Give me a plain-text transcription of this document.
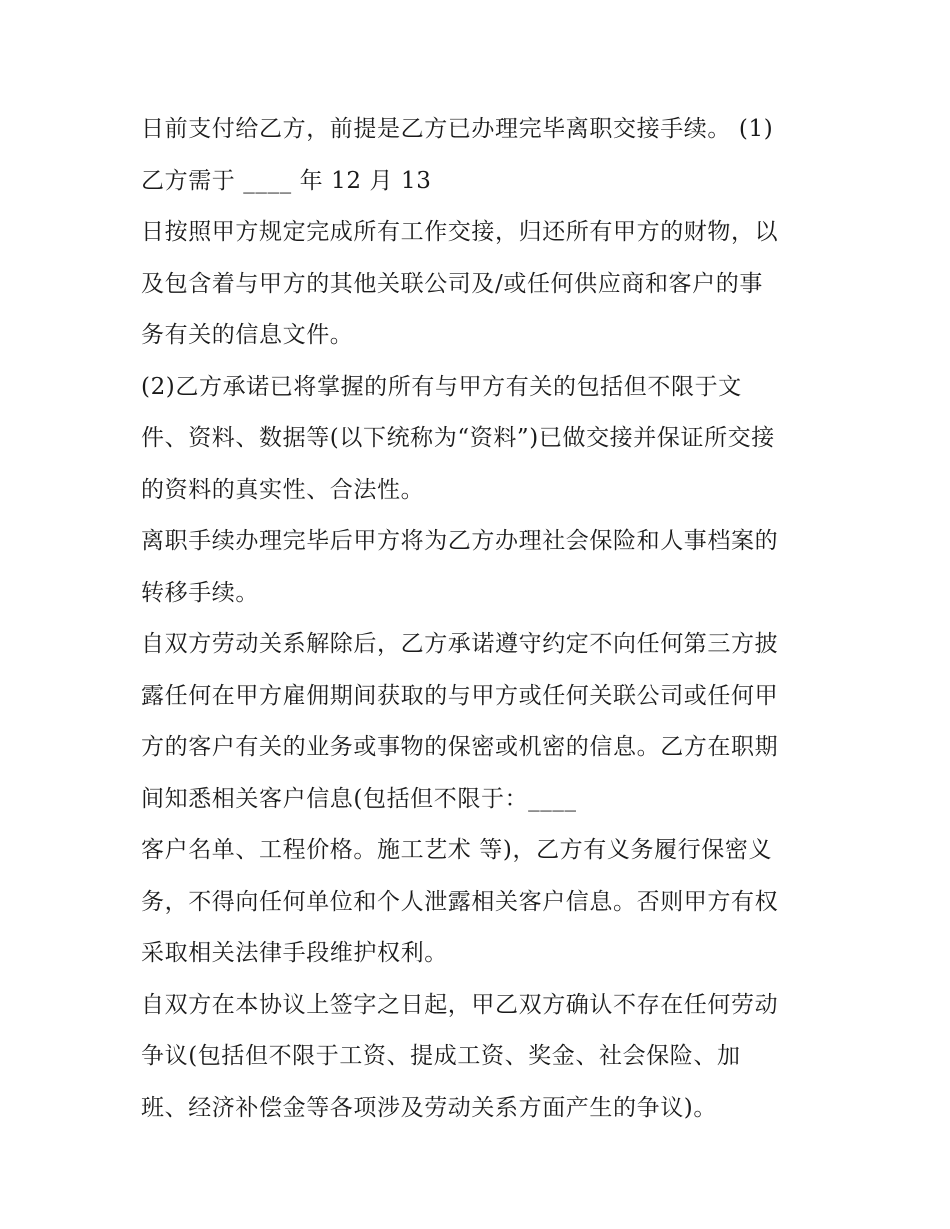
日前支付给乙方，前提是乙方已办理完毕离职交接手续。 (1)
乙方需于 ____ 年 12 月 13
日按照甲方规定完成所有工作交接，归还所有甲方的财物，以
及包含着与甲方的其他关联公司及/或任何供应商和客户的事
务有关的信息文件。
(2)乙方承诺已将掌握的所有与甲方有关的包括但不限于文
件、资料、数据等(以下统称为“资料”)已做交接并保证所交接
的资料的真实性、合法性。
离职手续办理完毕后甲方将为乙方办理社会保险和人事档案的
转移手续。
自双方劳动关系解除后，乙方承诺遵守约定不向任何第三方披
露任何在甲方雇佣期间获取的与甲方或任何关联公司或任何甲
方的客户有关的业务或事物的保密或机密的信息。乙方在职期
间知悉相关客户信息(包括但不限于：____
客户名单、工程价格。施工艺术 等)，乙方有义务履行保密义
务，不得向任何单位和个人泄露相关客户信息。否则甲方有权
采取相关法律手段维护权利。
自双方在本协议上签字之日起，甲乙双方确认不存在任何劳动
争议(包括但不限于工资、提成工资、奖金、社会保险、加
班、经济补偿金等各项涉及劳动关系方面产生的争议)。
